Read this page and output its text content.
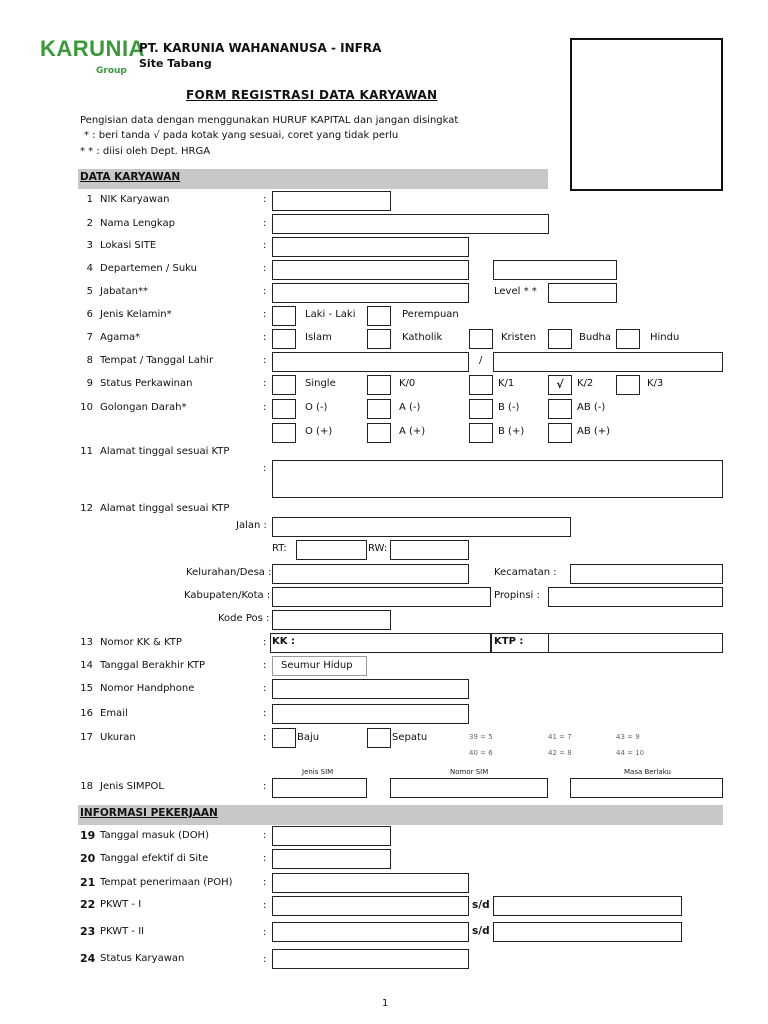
KARUNIA
Group
PT. KARUNIA WAHANANUSA - INFRA
Site Tabang
FORM REGISTRASI DATA KARYAWAN
Pengisian data dengan menggunakan HURUF KAPITAL dan jangan disingkat
* : beri tanda √ pada kotak yang sesuai, coret yang tidak perlu
* * : diisi oleh Dept. HRGA
DATA KARYAWAN
1 NIK Karyawan	:
2 Nama Lengkap	:
3 Lokasi SITE	:
4 Departemen / Suku	:
5 Jabatan**	:	Level * *
6 Jenis Kelamin*	:	Laki - Laki	Perempuan
7 Agama*	:	Islam	Katholik	Kristen	Budha	Hindu
8 Tempat / Tanggal Lahir	:	/
9 Status Perkawinan	:	Single	K/0	K/1	√	K/2	K/3
10 Golongan Darah*	:	O (-)	A (-)	B (-)	AB (-)
O (+)	A (+)	B (+)	AB (+)
11 Alamat tinggal sesuai KTP
:
12 Alamat tinggal sesuai KTP
Jalan :
RT:	RW:
Kelurahan/Desa :	Kecamatan :
Kabupaten/Kota :	Propinsi :
Kode Pos :
13 Nomor KK & KTP	: KK :	KTP :
14 Tanggal Berakhir KTP	: Seumur Hidup
15 Nomor Handphone	:
16 Email	:
17 Ukuran	:	Baju	Sepatu	39 = 5	41 = 7	43 = 9
40 = 6	42 = 8	44 = 10
Jenis SIM	Nomor SIM	Masa Berlaku
18 Jenis SIMPOL	:
INFORMASI PEKERJAAN
19 Tanggal masuk (DOH)	:
20 Tanggal efektif di Site	:
21 Tempat penerimaan (POH)	:
22 PKWT - I	:	s/d
23 PKWT - II	:	s/d
24 Status Karyawan	:
1
